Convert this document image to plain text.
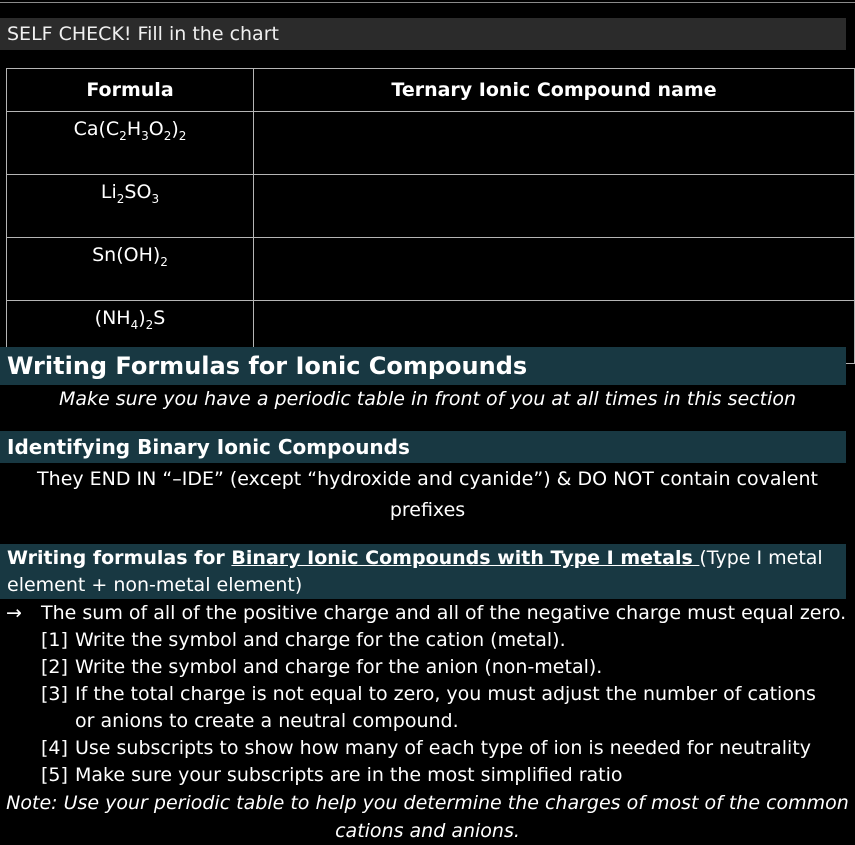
SELF CHECK! Fill in the chart
Formula	Ternary Ionic Compound name
$Ca(C_2H_3O_2)_2$	
$Li_2SO_3$	
$Sn(OH)_2$	
$(NH_4)_2S$	
Writing Formulas for Ionic Compounds
Make sure you have a periodic table in front of you at all times in this section
Identifying Binary Ionic Compounds
They END IN “–IDE” (except “hydroxide and cyanide”) & DO NOT contain covalent prefixes
Writing formulas for Binary Ionic Compounds with Type I metals (Type I metal element + non-metal element)
→ The sum of all of the positive charge and all of the negative charge must equal zero.
[1] Write the symbol and charge for the cation (metal).
[2] Write the symbol and charge for the anion (non-metal).
[3] If the total charge is not equal to zero, you must adjust the number of cations or anions to create a neutral compound.
[4] Use subscripts to show how many of each type of ion is needed for neutrality
[5] Make sure your subscripts are in the most simplified ratio
Note: Use your periodic table to help you determine the charges of most of the common cations and anions.
